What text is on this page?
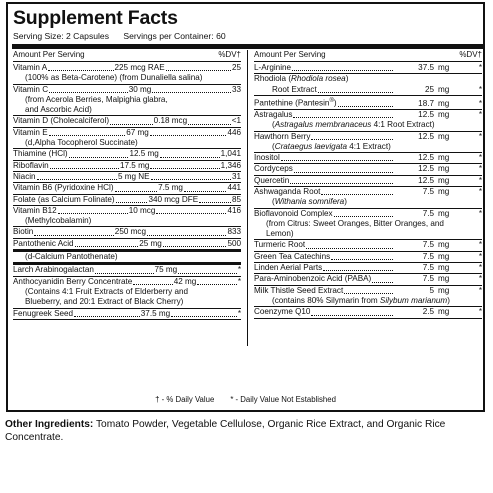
Supplement Facts
Serving Size: 2 Capsules Servings per Container: 60
Amount Per Serving	%DV†
Vitamin A	225 mcg RAE	25
(100% as Beta-Carotene) (from Dunaliella salina)
Vitamin C	30 mg	33
(from Acerola Berries, Malpighia glabra,
and Ascorbic Acid)
Vitamin D (Cholecalciferol)	0.18 mcg	<1
Vitamin E	67 mg	446
(d,Alpha Tocopherol Succinate)
Thiamine (HCl)	12.5 mg	1,041
Riboflavin	17.5 mg	1,346
Niacin	5 mg NE	31
Vitamin B6 (Pyridoxine HCl)	7.5 mg	441
Folate (as Calcium Folinate)	340 mcg DFE	85
Vitamin B12	10 mcg	416
(Methylcobalamin)
Biotin	250 mcg	833
Pantothenic Acid	25 mg	500
(d-Calcium Pantothenate)
Larch Arabinogalactan	75 mg	*
Anthocyanidin Berry Concentrate	42 mg	*
(Contains 4:1 Fruit Extracts of Elderberry and
Blueberry, and 20:1 Extract of Black Cherry)
Fenugreek Seed	37.5 mg	*
Amount Per Serving	%DV†
L-Arginine	37.5 mg	*
Rhodiola (Rhodiola rosea)
Root Extract	25 mg	*
Pantethine (Pantesin®)	18.7 mg	*
Astragalus	12.5 mg	*
(Astragalus membranaceus 4:1 Root Extract)
Hawthorn Berry	12.5 mg	*
(Crataegus laevigata 4:1 Extract)
Inositol	12.5 mg	*
Cordyceps	12.5 mg	*
Quercetin	12.5 mg	*
Ashwaganda Root	7.5 mg	*
(Withania somnifera)
Bioflavonoid Complex	7.5 mg	*
(from Citrus: Sweet Oranges, Bitter Oranges, and
Lemon)
Turmeric Root	7.5 mg	*
Green Tea Catechins	7.5 mg	*
Linden Aerial Parts	7.5 mg	*
Para-Aminobenzoic Acid (PABA)	7.5 mg	*
Milk Thistle Seed Extract	5 mg	*
(contains 80% Silymarin from Silybum marianum)
Coenzyme Q10	2.5 mg	*
† - % Daily Value * - Daily Value Not Established
Other Ingredients: Tomato Powder, Vegetable Cellulose, Organic Rice Extract, and Organic Rice Concentrate.
